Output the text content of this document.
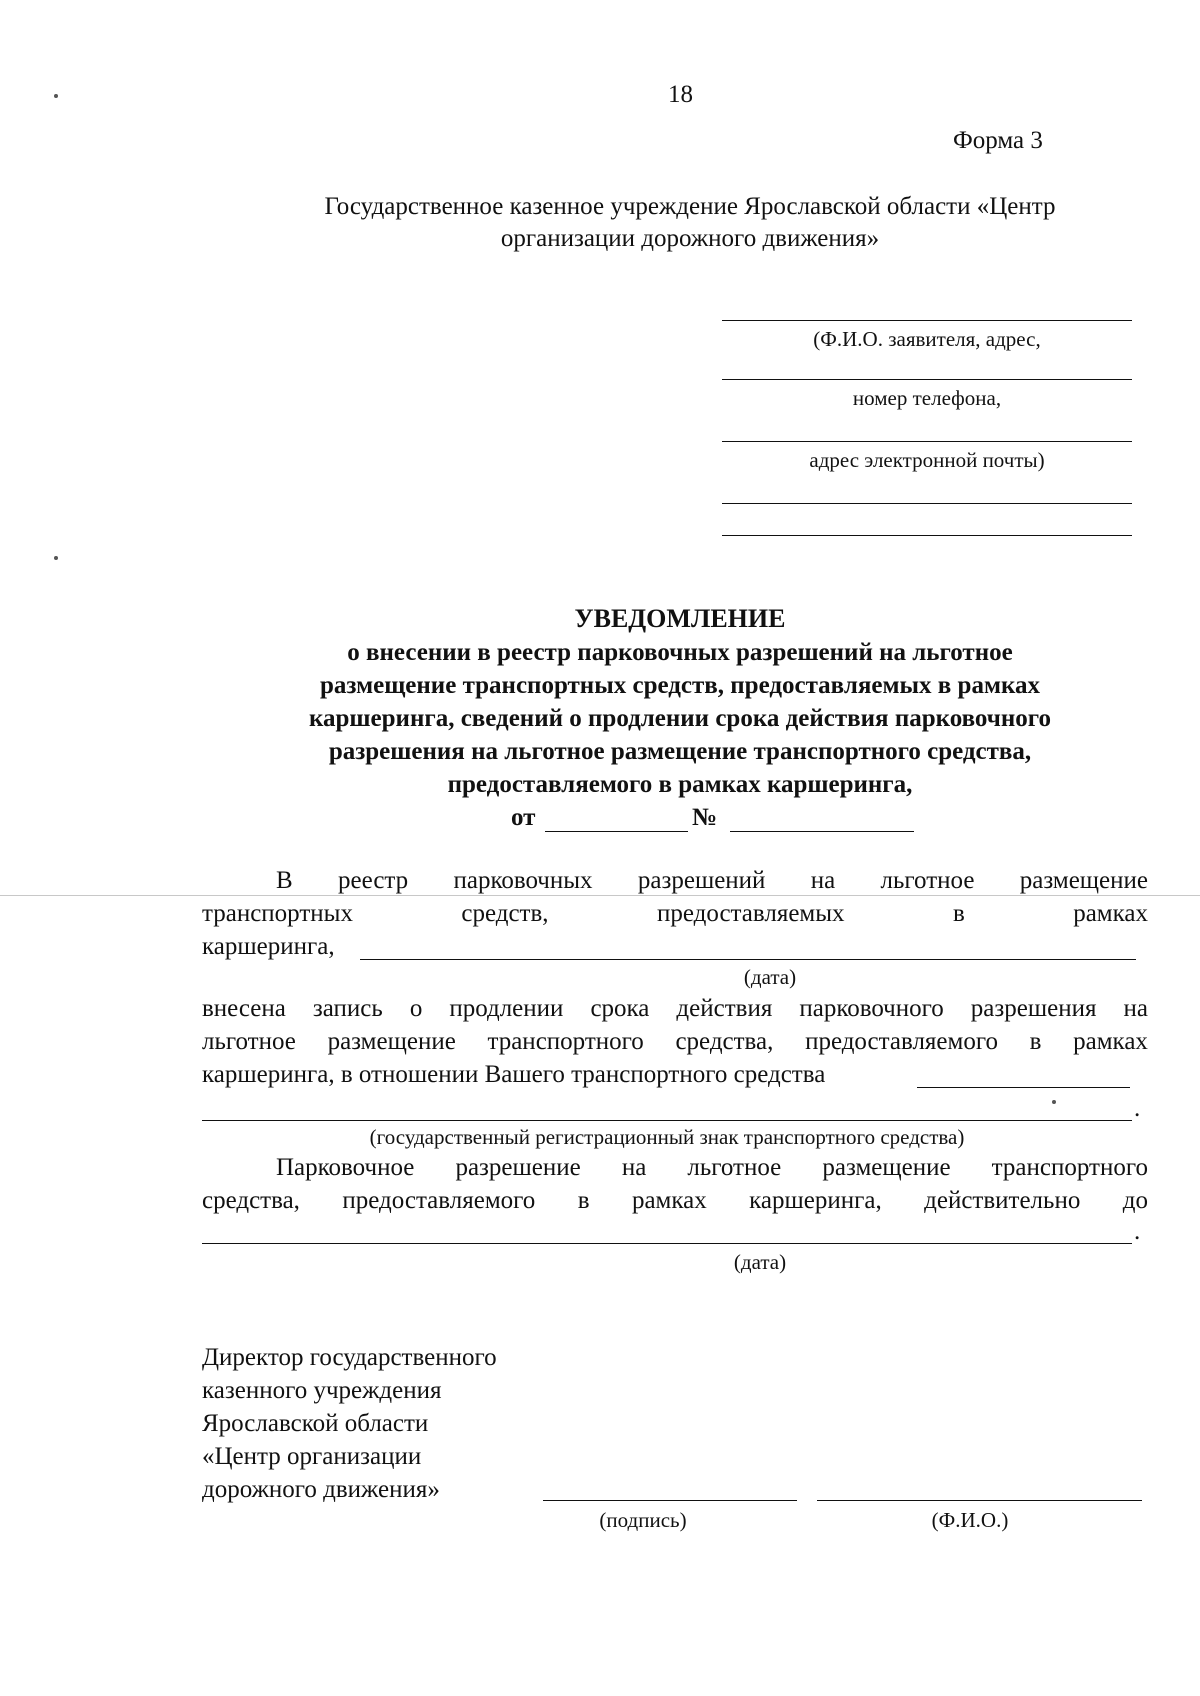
18
Форма 3
Государственное казенное учреждение Ярославской области «Центр
организации дорожного движения»
(Ф.И.О. заявителя, адрес,
номер телефона,
адрес электронной почты)
УВЕДОМЛЕНИЕ
о внесении в реестр парковочных разрешений на льготное
размещение транспортных средств, предоставляемых в рамках
каршеринга, сведений о продлении срока действия парковочного
разрешения на льготное размещение транспортного средства,
предоставляемого в рамках каршеринга,
от	№
В реестр парковочных разрешений на льготное размещение
транспортных	средств,	предоставляемых	в	рамках
каршеринга,
(дата)
внесена запись о продлении срока действия парковочного разрешения на
льготное размещение транспортного средства, предоставляемого в рамках
каршеринга, в отношении Вашего транспортного средства
.
(государственный регистрационный знак транспортного средства)
Парковочное разрешение на льготное размещение транспортного
средства, предоставляемого в рамках каршеринга, действительно до
.
(дата)
Директор государственного
казенного учреждения
Ярославской области
«Центр организации
дорожного движения»
(подпись)	(Ф.И.О.)
